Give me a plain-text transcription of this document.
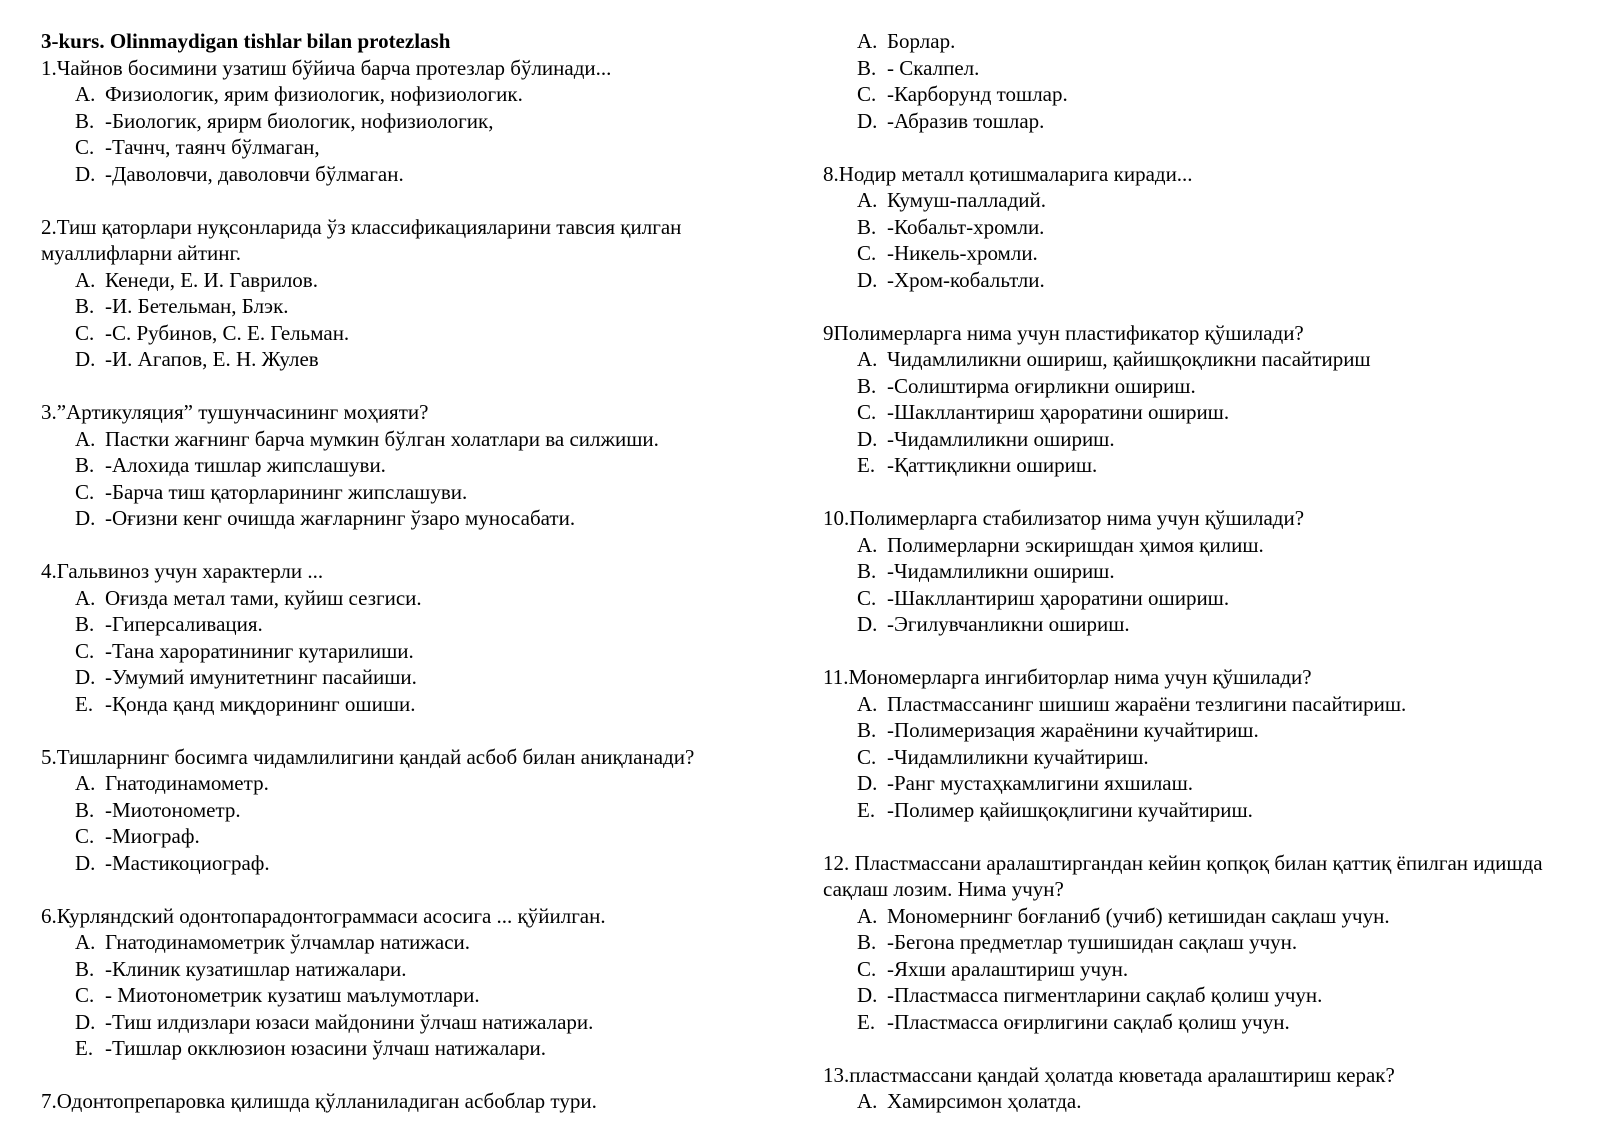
3-kurs. Olinmaydigan tishlar bilan protezlash
1.Чайнов босимини узатиш бўйича барча протезлар бўлинади...
A. Физиологик, ярим физиологик, нофизиологик.
B. -Биологик, ярирм биологик, нофизиологик,
C. -Тачнч, таянч бўлмаган,
D. -Даволовчи, даволовчи бўлмаган.
2.Тиш қаторлари нуқсонларида ўз классификацияларини тавсия қилган муаллифларни айтинг.
A. Кенеди, Е. И. Гаврилов.
B. -И. Бетельман, Блэк.
C. -С. Рубинов, С. Е. Гельман.
D. -И. Агапов, Е. Н. Жулев
3.”Артикуляция” тушунчасининг моҳияти?
A. Пастки жағнинг барча мумкин бўлган холатлари ва силжиши.
B. -Алохида тишлар жипслашуви.
C. -Барча тиш қаторларининг жипслашуви.
D. -Оғизни кенг очишда жағларнинг ўзаро муносабати.
4.Гальвиноз учун характерли ...
A. Оғизда метал тами, куйиш сезгиси.
B. -Гиперсаливация.
C. -Тана хароратининиг кутарилиши.
D. -Умумий имунитетнинг пасайиши.
E. -Қонда қанд миқдорининг ошиши.
5.Тишларнинг босимга чидамлилигини қандай асбоб билан аниқланади?
A. Гнатодинамометр.
B. -Миотонометр.
C. -Миограф.
D. -Мастикоциограф.
6.Курляндский одонтопарадонтограммаси асосига ... қўйилган.
A. Гнатодинамометрик ўлчамлар натижаси.
B. -Клиник кузатишлар натижалари.
C. - Миотонометрик кузатиш маълумотлари.
D. -Тиш илдизлари юзаси майдонини ўлчаш натижалари.
E. -Тишлар окклюзион юзасини ўлчаш натижалари.
7.Одонтопрепаровка қилишда қўлланиладиган асбоблар тури.
A. Борлар.
B. - Скалпел.
C. -Карборунд тошлар.
D. -Абразив тошлар.
8.Нодир металл қотишмаларига киради...
A. Кумуш-палладий.
B. -Кобальт-хромли.
C. -Никель-хромли.
D. -Хром-кобальтли.
9Полимерларга нима учун пластификатор қўшилади?
A. Чидамлиликни ошириш, қайишқоқликни пасайтириш
B. -Солиштирма оғирликни ошириш.
C. -Шакллантириш ҳароратини ошириш.
D. -Чидамлиликни ошириш.
E. -Қаттиқликни ошириш.
10.Полимерларга стабилизатор нима учун қўшилади?
A. Полимерларни эскиришдан ҳимоя қилиш.
B. -Чидамлиликни ошириш.
C. -Шакллантириш ҳароратини ошириш.
D. -Эгилувчанликни ошириш.
11.Мономерларга ингибиторлар нима учун қўшилади?
A. Пластмассанинг шишиш жараёни тезлигини пасайтириш.
B. -Полимеризация жараёнини кучайтириш.
C. -Чидамлиликни кучайтириш.
D. -Ранг мустаҳкамлигини яхшилаш.
E. -Полимер қайишқоқлигини кучайтириш.
12. Пластмассани аралаштиргандан кейин қопқоқ билан қаттиқ ёпилган идишда сақлаш лозим. Нима учун?
A. Мономернинг боғланиб (учиб) кетишидан сақлаш учун.
B. -Бегона предметлар тушишидан сақлаш учун.
C. -Яхши аралаштириш учун.
D. -Пластмасса пигментларини сақлаб қолиш учун.
E. -Пластмасса оғирлигини сақлаб қолиш учун.
13.пластмассани қандай ҳолатда кюветада аралаштириш керак?
A. Хамирсимон ҳолатда.
